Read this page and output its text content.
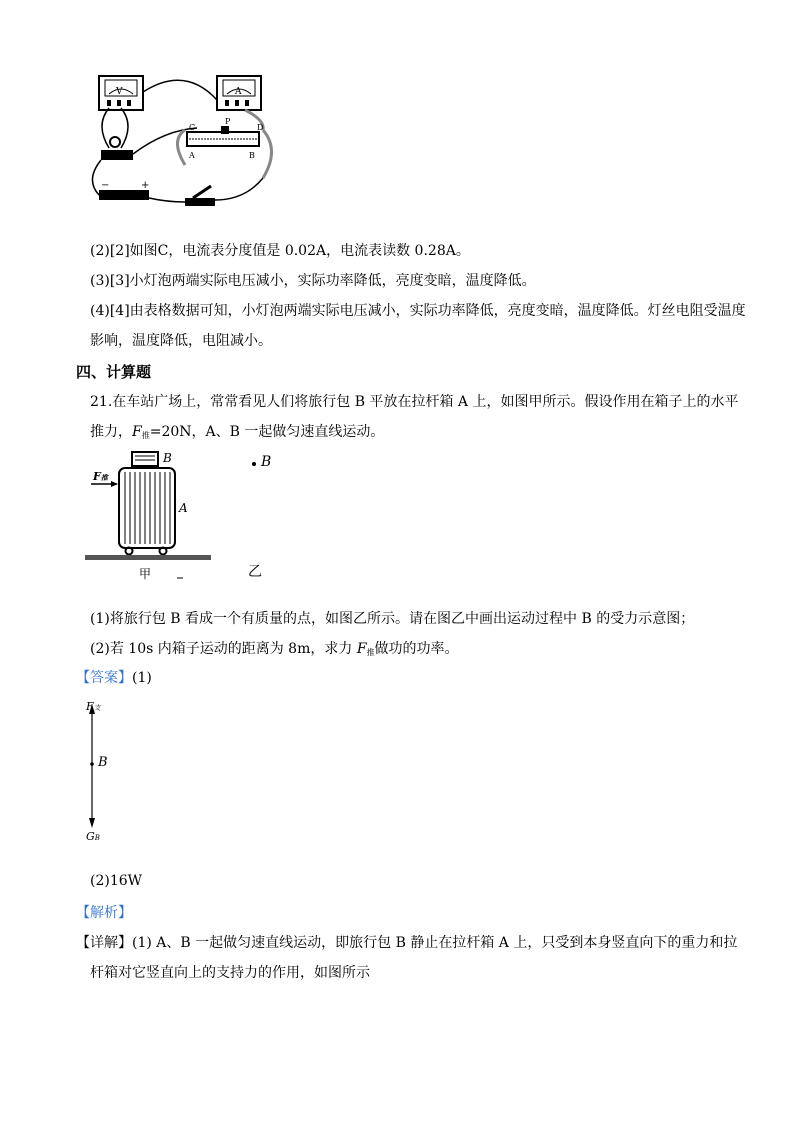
V	A
C
P
D
A	B
−	+
(2)[2]如图C，电流表分度值是 0.02A，电流表读数 0.28A。
(3)[3]小灯泡两端实际电压减小，实际功率降低，亮度变暗，温度降低。
(4)[4]由表格数据可知，小灯泡两端实际电压减小，实际功率降低，亮度变暗，温度降低。灯丝电阻受温度
影响，温度降低，电阻减小。
四、计算题
21.在车站广场上，常常看见人们将旅行包 B 平放在拉杆箱 A 上，如图甲所示。假设作用在箱子上的水平
推力，$F_推=20N$，A、B 一起做匀速直线运动。
B
A
F推
甲
B
乙
(1)将旅行包 B 看成一个有质量的点，如图乙所示。请在图乙中画出运动过程中 B 的受力示意图；
(2)若 10s 内箱子运动的距离为 8m，求力 $F_推$做功的功率。
【答案】(1)
F支
B
GB
(2)16W
【解析】
【详解】(1) A、B 一起做匀速直线运动，即旅行包 B 静止在拉杆箱 A 上，只受到本身竖直向下的重力和拉
杆箱对它竖直向上的支持力的作用，如图所示
